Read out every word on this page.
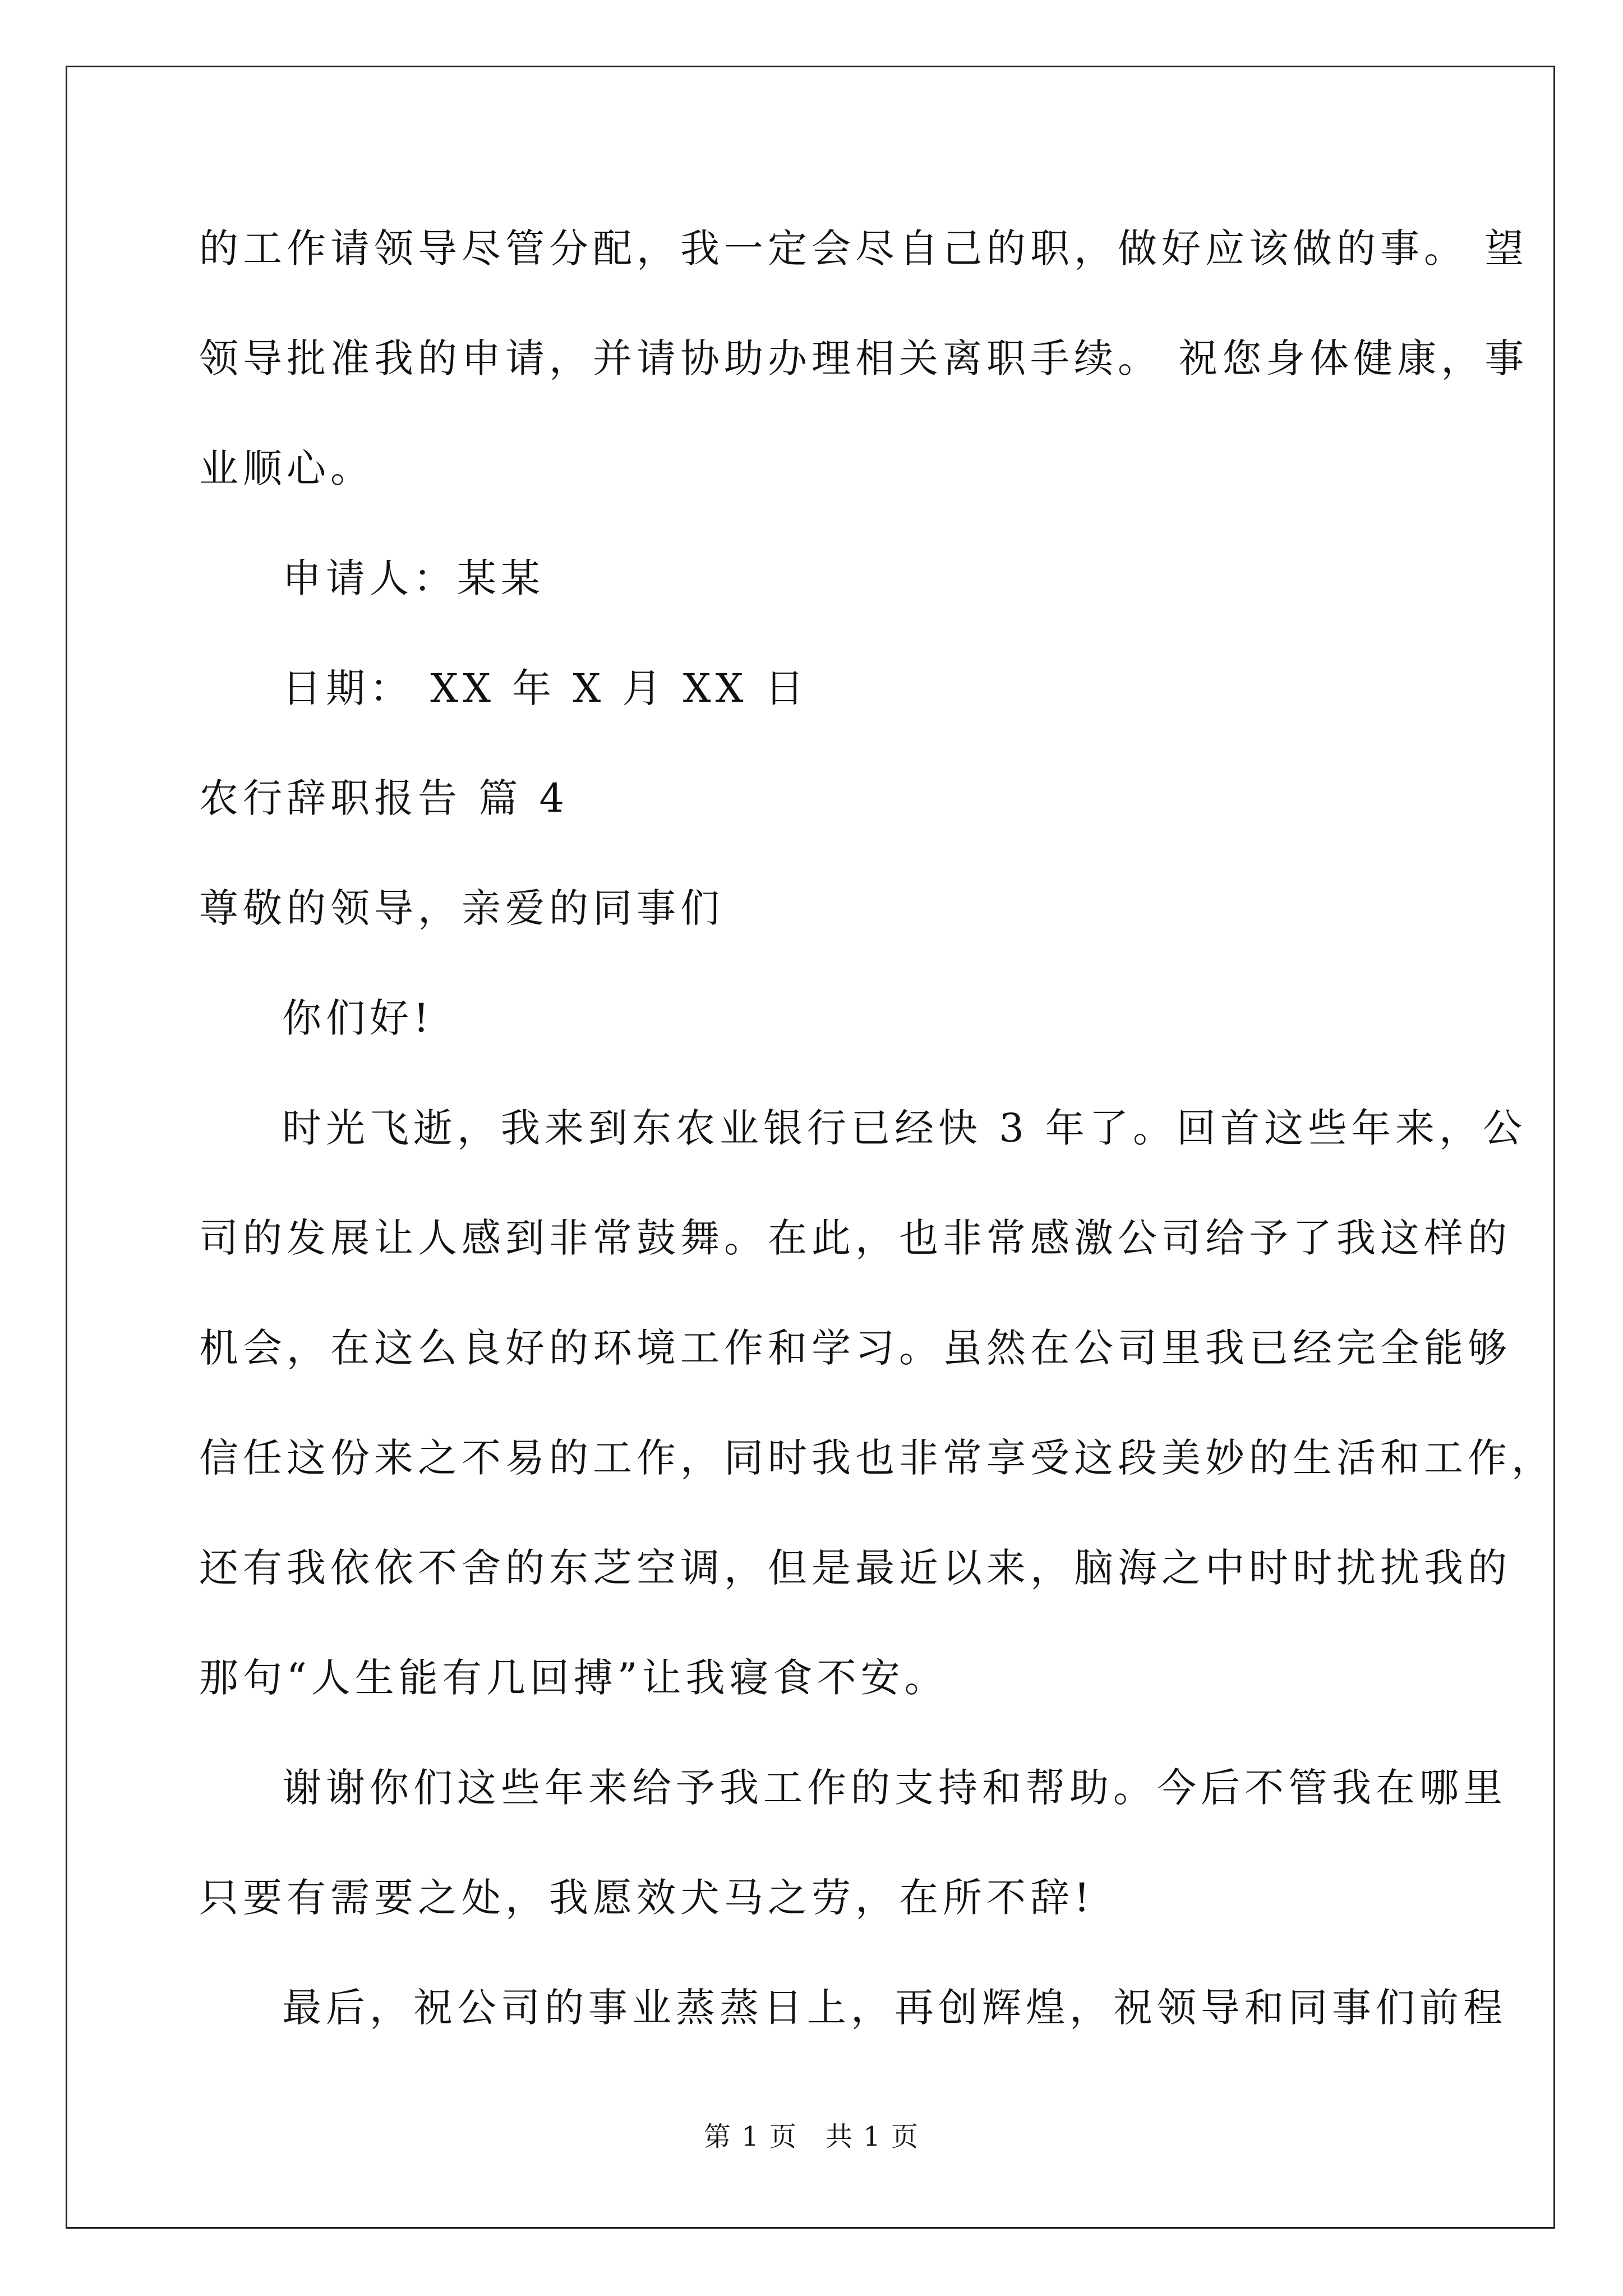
的工作请领导尽管分配，我一定会尽自己的职，做好应该做的事。 望
领导批准我的申请，并请协助办理相关离职手续。 祝您身体健康，事
业顺心。
申请人：某某
日期： XX 年 X 月 XX 日
农行辞职报告 篇 4
尊敬的领导，亲爱的同事们
你们好!
时光飞逝，我来到东农业银行已经快 3 年了。回首这些年来，公
司的发展让人感到非常鼓舞。在此，也非常感激公司给予了我这样的
机会，在这么良好的环境工作和学习。虽然在公司里我已经完全能够
信任这份来之不易的工作，同时我也非常享受这段美妙的生活和工作，
还有我依依不舍的东芝空调，但是最近以来，脑海之中时时扰扰我的
那句“人生能有几回搏”让我寝食不安。
谢谢你们这些年来给予我工作的支持和帮助。今后不管我在哪里
只要有需要之处，我愿效犬马之劳，在所不辞!
最后，祝公司的事业蒸蒸日上，再创辉煌，祝领导和同事们前程
第 1 页　共 1 页
